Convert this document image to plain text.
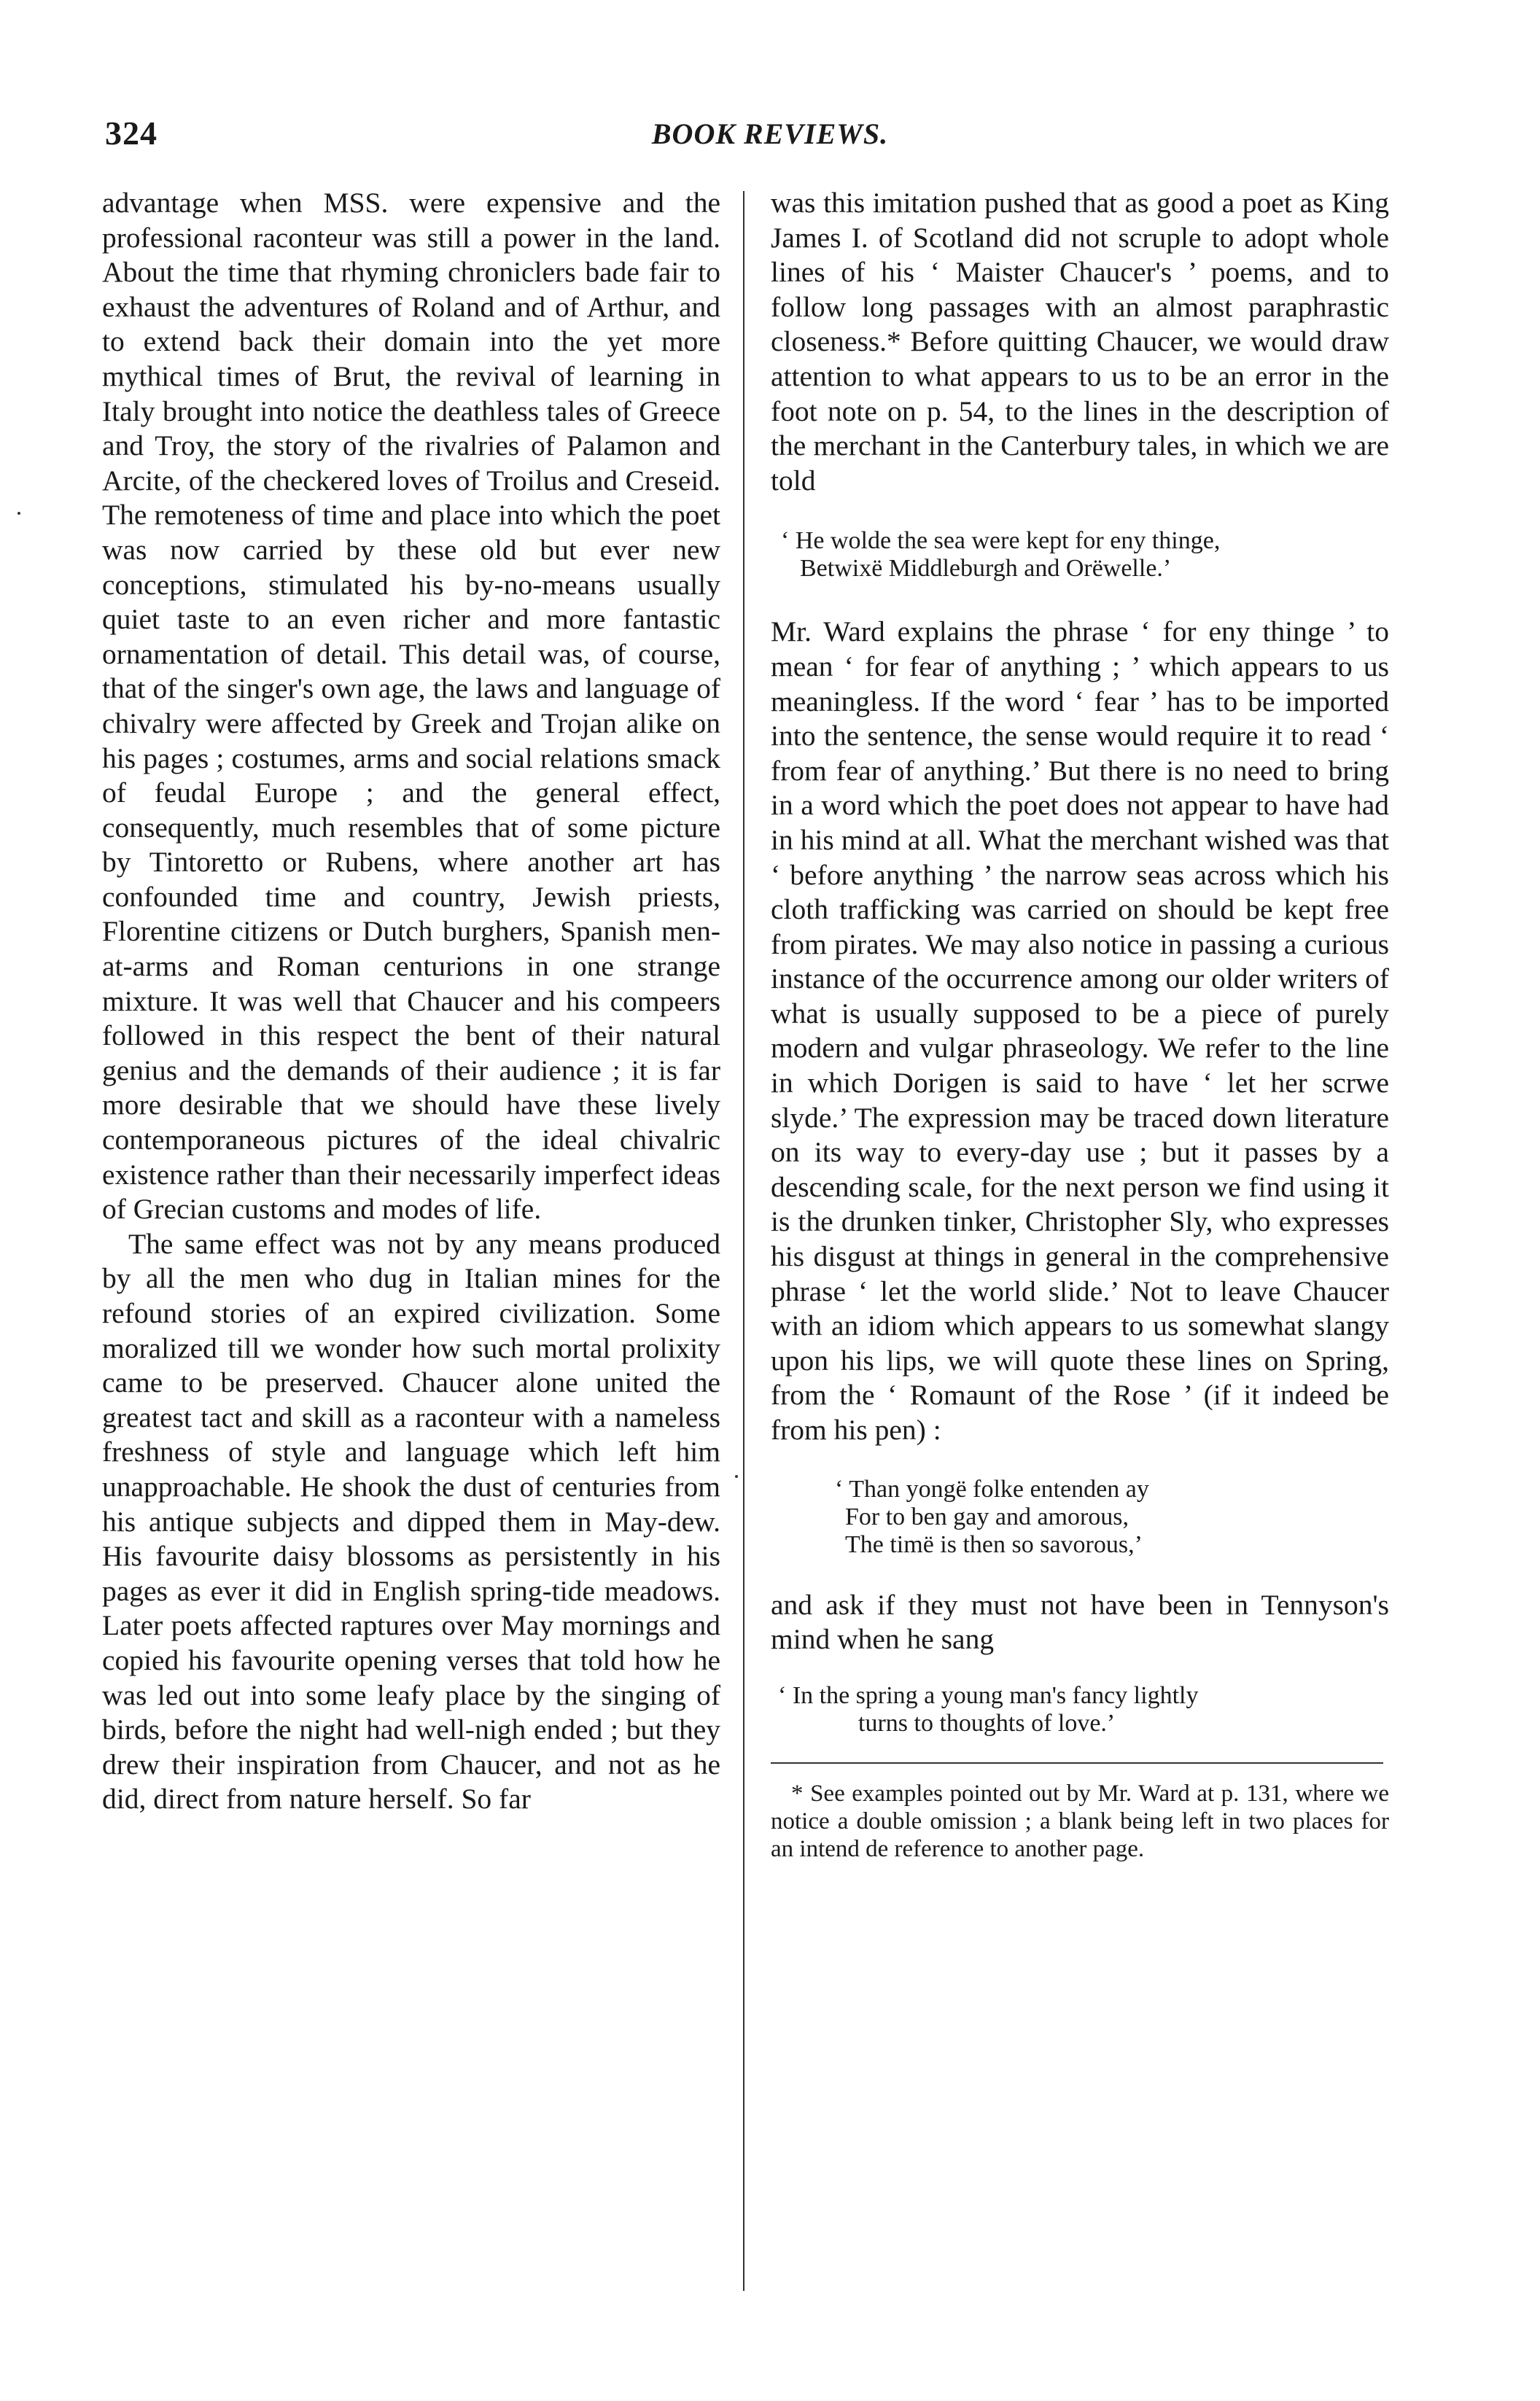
324	BOOK REVIEWS.

advantage when MSS. were expensive and the professional raconteur was still a power in the land. About the time that rhyming chroniclers bade fair to exhaust the adventures of Roland and of Arthur, and to extend back their domain into the yet more mythical times of Brut, the revival of learning in Italy brought into notice the deathless tales of Greece and Troy, the story of the rivalries of Palamon and Arcite, of the checkered loves of Troilus and Creseid. The remoteness of time and place into which the poet was now carried by these old but ever new conceptions, stimulated his by-no-means usually quiet taste to an even richer and more fantastic ornamentation of detail. This detail was, of course, that of the singer's own age, the laws and language of chivalry were affected by Greek and Trojan alike on his pages ; costumes, arms and social relations smack of feudal Europe ; and the general effect, consequently, much resembles that of some picture by Tintoretto or Rubens, where another art has confounded time and country, Jewish priests, Florentine citizens or Dutch burghers, Spanish men-at-arms and Roman centurions in one strange mixture. It was well that Chaucer and his compeers followed in this respect the bent of their natural genius and the demands of their audience ; it is far more desirable that we should have these lively contemporaneous pictures of the ideal chivalric existence rather than their necessarily imperfect ideas of Grecian customs and modes of life.

The same effect was not by any means produced by all the men who dug in Italian mines for the refound stories of an expired civilization. Some moralized till we wonder how such mortal prolixity came to be preserved. Chaucer alone united the greatest tact and skill as a raconteur with a nameless freshness of style and language which left him unapproachable. He shook the dust of centuries from his antique subjects and dipped them in May-dew. His favourite daisy blossoms as persistently in his pages as ever it did in English spring-tide meadows. Later poets affected raptures over May mornings and copied his favourite opening verses that told how he was led out into some leafy place by the singing of birds, before the night had well-nigh ended ; but they drew their inspiration from Chaucer, and not as he did, direct from nature herself. So far

was this imitation pushed that as good a poet as King James I. of Scotland did not scruple to adopt whole lines of his ‘ Maister Chaucer's ’ poems, and to follow long passages with an almost paraphrastic closeness.* Before quitting Chaucer, we would draw attention to what appears to us to be an error in the foot note on p. 54, to the lines in the description of the merchant in the Canterbury tales, in which we are told

‘ He wolde the sea were kept for eny thinge,

Betwixë Middleburgh and Orëwelle.’

Mr. Ward explains the phrase ‘ for eny thinge ’ to mean ‘ for fear of anything ; ’ which appears to us meaningless. If the word ‘ fear ’ has to be imported into the sentence, the sense would require it to read ‘ from fear of anything.’ But there is no need to bring in a word which the poet does not appear to have had in his mind at all. What the merchant wished was that ‘ before anything ’ the narrow seas across which his cloth trafficking was carried on should be kept free from pirates. We may also notice in passing a curious instance of the occurrence among our older writers of what is usually supposed to be a piece of purely modern and vulgar phraseology. We refer to the line in which Dorigen is said to have ‘ let her scrwe slyde.’ The expression may be traced down literature on its way to every-day use ; but it passes by a descending scale, for the next person we find using it is the drunken tinker, Christopher Sly, who expresses his disgust at things in general in the comprehensive phrase ‘ let the world slide.’ Not to leave Chaucer with an idiom which appears to us somewhat slangy upon his lips, we will quote these lines on Spring, from the ‘ Romaunt of the Rose ’ (if it indeed be from his pen) :

‘ Than yongë folke entenden ay

For to ben gay and amorous,

The timë is then so savorous,’

and ask if they must not have been in Tennyson's mind when he sang

‘ In the spring a young man's fancy lightly

turns to thoughts of love.’

* See examples pointed out by Mr. Ward at p. 131, where we notice a double omission ; a blank being left in two places for an intend de reference to another page.
